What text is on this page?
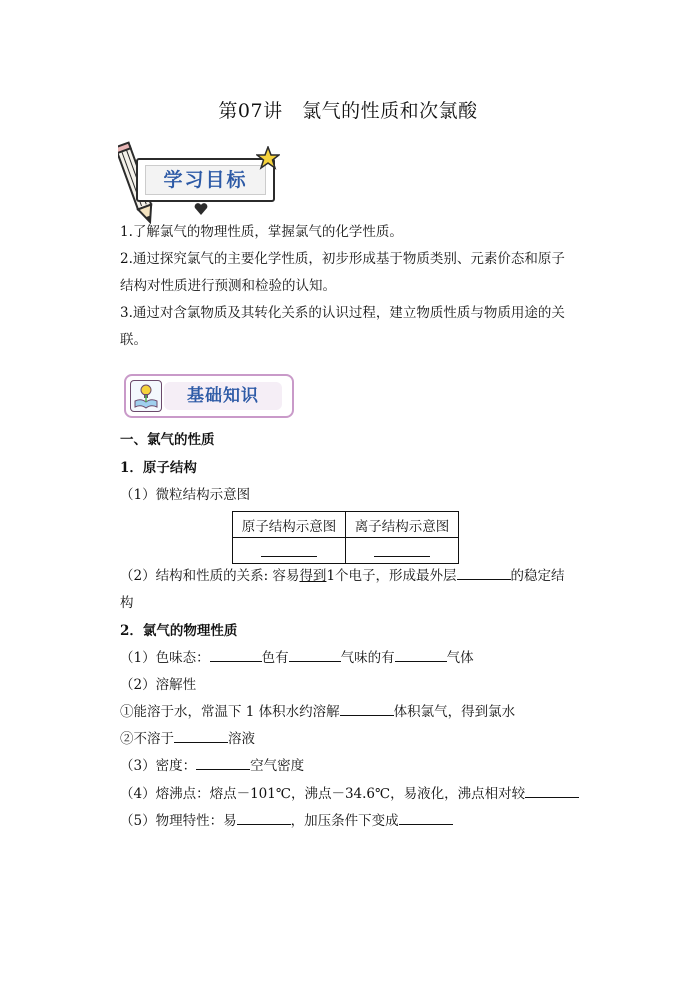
第07讲　氯气的性质和次氯酸
学习目标
1.了解氯气的物理性质，掌握氯气的化学性质。
2.通过探究氯气的主要化学性质，初步形成基于物质类别、元素价态和原子
结构对性质进行预测和检验的认知。
3.通过对含氯物质及其转化关系的认识过程，建立物质性质与物质用途的关
联。
基础知识
一、氯气的性质
1．原子结构
（1）微粒结构示意图
原子结构示意图	离子结构示意图

（2）结构和性质的关系: 容易得到1个电子，形成最外层	的稳定结
构
2．氯气的物理性质
（1）色味态：	色有	气味的有	气体
（2）溶解性
①能溶于水，常温下 1 体积水约溶解	体积氯气，得到氯水
②不溶于	溶液
（3）密度：	空气密度
（4）熔沸点：熔点－101℃，沸点－34.6℃，易液化，沸点相对较
（5）物理特性：易	，加压条件下变成
